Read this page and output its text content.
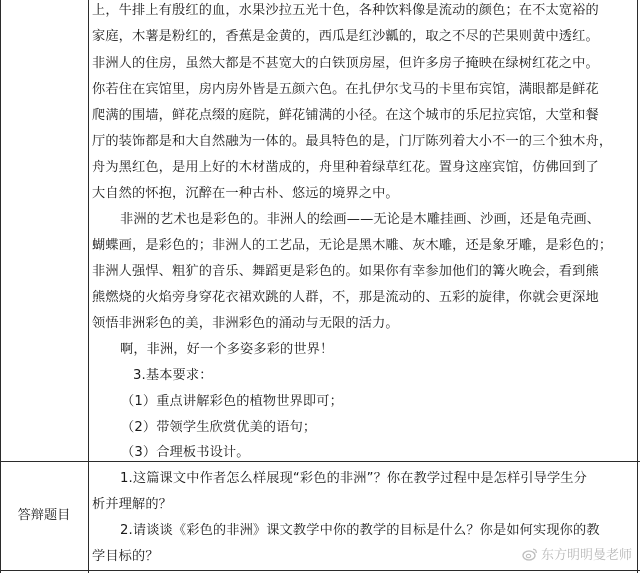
上，牛排上有殷红的血，水果沙拉五光十色，各种饮料像是流动的颜色；在不太宽裕的
家庭，木薯是粉红的，香蕉是金黄的，西瓜是红沙瓤的，取之不尽的芒果则黄中透红。
非洲人的住房，虽然大都是不甚宽大的白铁顶房屋，但许多房子掩映在绿树红花之中。
你若住在宾馆里，房内房外皆是五颜六色。在扎伊尔戈马的卡里布宾馆，满眼都是鲜花
爬满的围墙，鲜花点缀的庭院，鲜花铺满的小径。在这个城市的乐尼拉宾馆，大堂和餐
厅的装饰都是和大自然融为一体的。最具特色的是，门厅陈列着大小不一的三个独木舟，
舟为黑红色，是用上好的木材凿成的，舟里种着绿草红花。置身这座宾馆，仿佛回到了
大自然的怀抱，沉醉在一种古朴、悠远的境界之中。
非洲的艺术也是彩色的。非洲人的绘画——无论是木雕挂画、沙画，还是龟壳画、
蝴蝶画，是彩色的；非洲人的工艺品，无论是黑木雕、灰木雕，还是象牙雕，是彩色的；
非洲人强悍、粗犷的音乐、舞蹈更是彩色的。如果你有幸参加他们的篝火晚会，看到熊
熊燃烧的火焰旁身穿花衣裙欢跳的人群，不，那是流动的、五彩的旋律，你就会更深地
领悟非洲彩色的美，非洲彩色的涌动与无限的活力。
啊，非洲，好一个多姿多彩的世界！
3.基本要求：
（1）重点讲解彩色的植物世界即可；
（2）带领学生欣赏优美的语句；
（3）合理板书设计。
答辩题目
1.这篇课文中作者怎么样展现“彩色的非洲”？你在教学过程中是怎样引导学生分
析并理解的？
2.请谈谈《彩色的非洲》课文教学中你的教学的目标是什么？你是如何实现你的教
学目标的？	东方明明曼老师
